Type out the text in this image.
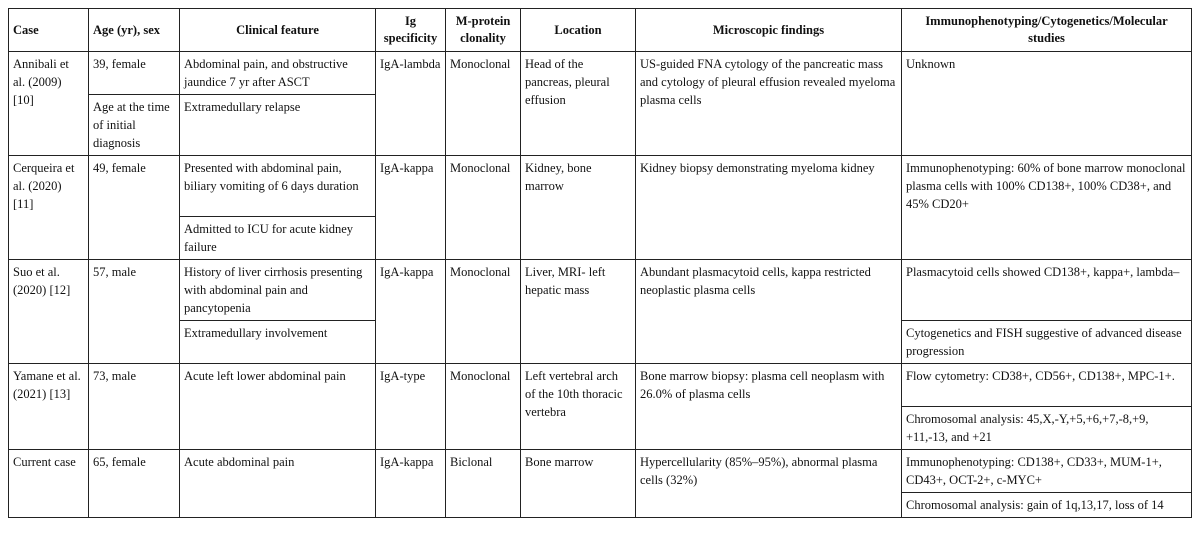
Case	Age (yr), sex	Clinical feature	Ig specificity	M-protein clonality	Location	Microscopic findings	Immunophenotyping/Cytogenetics/Molecular studies
Annibali et al. (2009) [10]	39, female	Abdominal pain, and obstructive jaundice 7 yr after ASCT	IgA-lambda	Monoclonal	Head of the pancreas, pleural effusion	US-guided FNA cytology of the pancreatic mass and cytology of pleural effusion revealed myeloma plasma cells	Unknown
	Age at the time of initial diagnosis	Extramedullary relapse					
Cerqueira et al. (2020) [11]	49, female	Presented with abdominal pain, biliary vomiting of 6 days duration	IgA-kappa	Monoclonal	Kidney, bone marrow	Kidney biopsy demonstrating myeloma kidney	Immunophenotyping: 60% of bone marrow monoclonal plasma cells with 100% CD138+, 100% CD38+, and 45% CD20+
		Admitted to ICU for acute kidney failure					
Suo et al. (2020) [12]	57, male	History of liver cirrhosis presenting with abdominal pain and pancytopenia	IgA-kappa	Monoclonal	Liver, MRI- left hepatic mass	Abundant plasmacytoid cells, kappa restricted neoplastic plasma cells	Plasmacytoid cells showed CD138+, kappa+, lambda–
		Extramedullary involvement					Cytogenetics and FISH suggestive of advanced disease progression
Yamane et al. (2021) [13]	73, male	Acute left lower abdominal pain	IgA-type	Monoclonal	Left vertebral arch of the 10th thoracic vertebra	Bone marrow biopsy: plasma cell neoplasm with 26.0% of plasma cells	Flow cytometry: CD38+, CD56+, CD138+, MPC-1+.
							Chromosomal analysis: 45,X,-Y,+5,+6,+7,-8,+9, +11,-13, and +21
Current case	65, female	Acute abdominal pain	IgA-kappa	Biclonal	Bone marrow	Hypercellularity (85%–95%), abnormal plasma cells (32%)	Immunophenotyping: CD138+, CD33+, MUM-1+, CD43+, OCT-2+, c-MYC+
							Chromosomal analysis: gain of 1q,13,17, loss of 14
